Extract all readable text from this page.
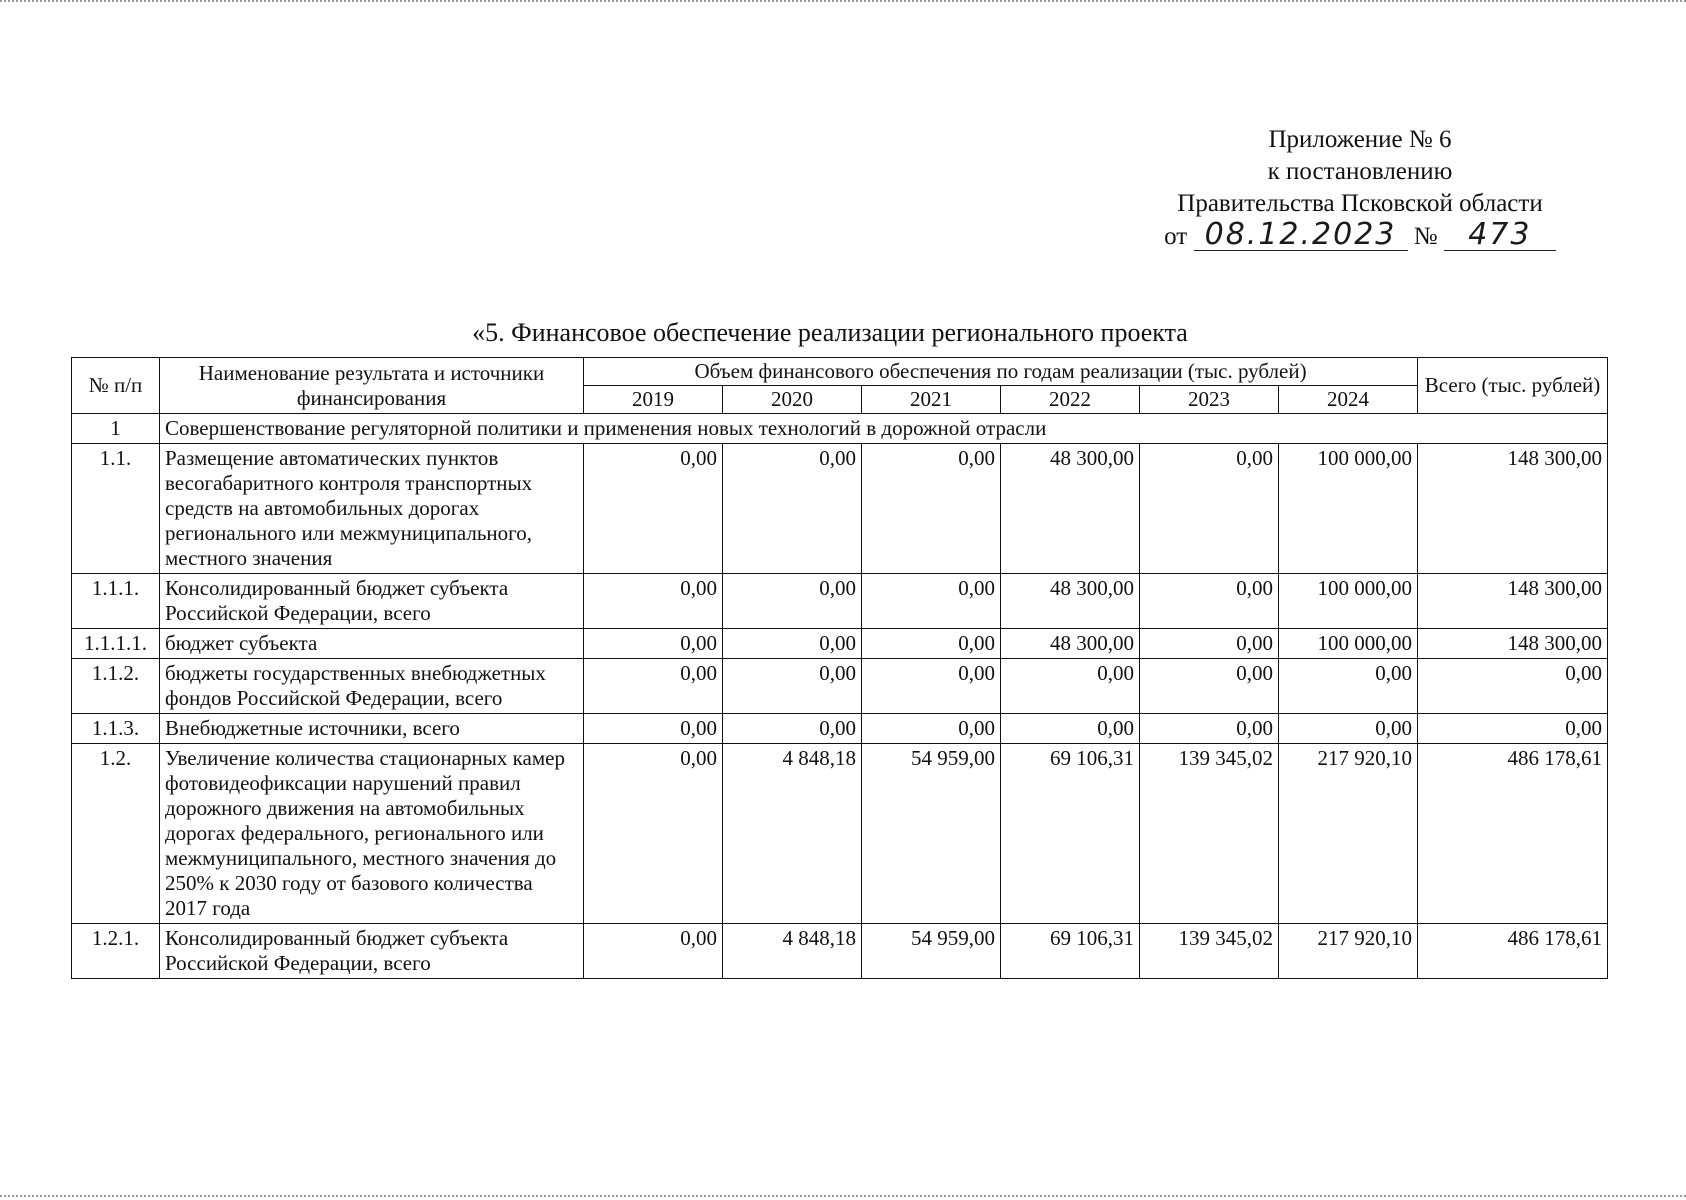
Приложение № 6
к постановлению
Правительства Псковской области
от 08.12.2023 № 473
«5. Финансовое обеспечение реализации регионального проекта
№ п/п	Наименование результата и источники финансирования	Объем финансового обеспечения по годам реализации (тыс. рублей)						Всего (тыс. рублей)
		2019	2020	2021	2022	2023	2024	
1	Совершенствование регуляторной политики и применения новых технологий в дорожной отрасли							
1.1.	Размещение автоматических пунктов весогабаритного контроля транспортных средств на автомобильных дорогах регионального или межмуниципального, местного значения	0,00	0,00	0,00	48 300,00	0,00	100 000,00	148 300,00
1.1.1.	Консолидированный бюджет субъекта Российской Федерации, всего	0,00	0,00	0,00	48 300,00	0,00	100 000,00	148 300,00
1.1.1.1.	бюджет субъекта	0,00	0,00	0,00	48 300,00	0,00	100 000,00	148 300,00
1.1.2.	бюджеты государственных внебюджетных фондов Российской Федерации, всего	0,00	0,00	0,00	0,00	0,00	0,00	0,00
1.1.3.	Внебюджетные источники, всего	0,00	0,00	0,00	0,00	0,00	0,00	0,00
1.2.	Увеличение количества стационарных камер фотовидеофиксации нарушений правил дорожного движения на автомобильных дорогах федерального, регионального или межмуниципального, местного значения до 250% к 2030 году от базового количества 2017 года	0,00	4 848,18	54 959,00	69 106,31	139 345,02	217 920,10	486 178,61
1.2.1.	Консолидированный бюджет субъекта Российской Федерации, всего	0,00	4 848,18	54 959,00	69 106,31	139 345,02	217 920,10	486 178,61
